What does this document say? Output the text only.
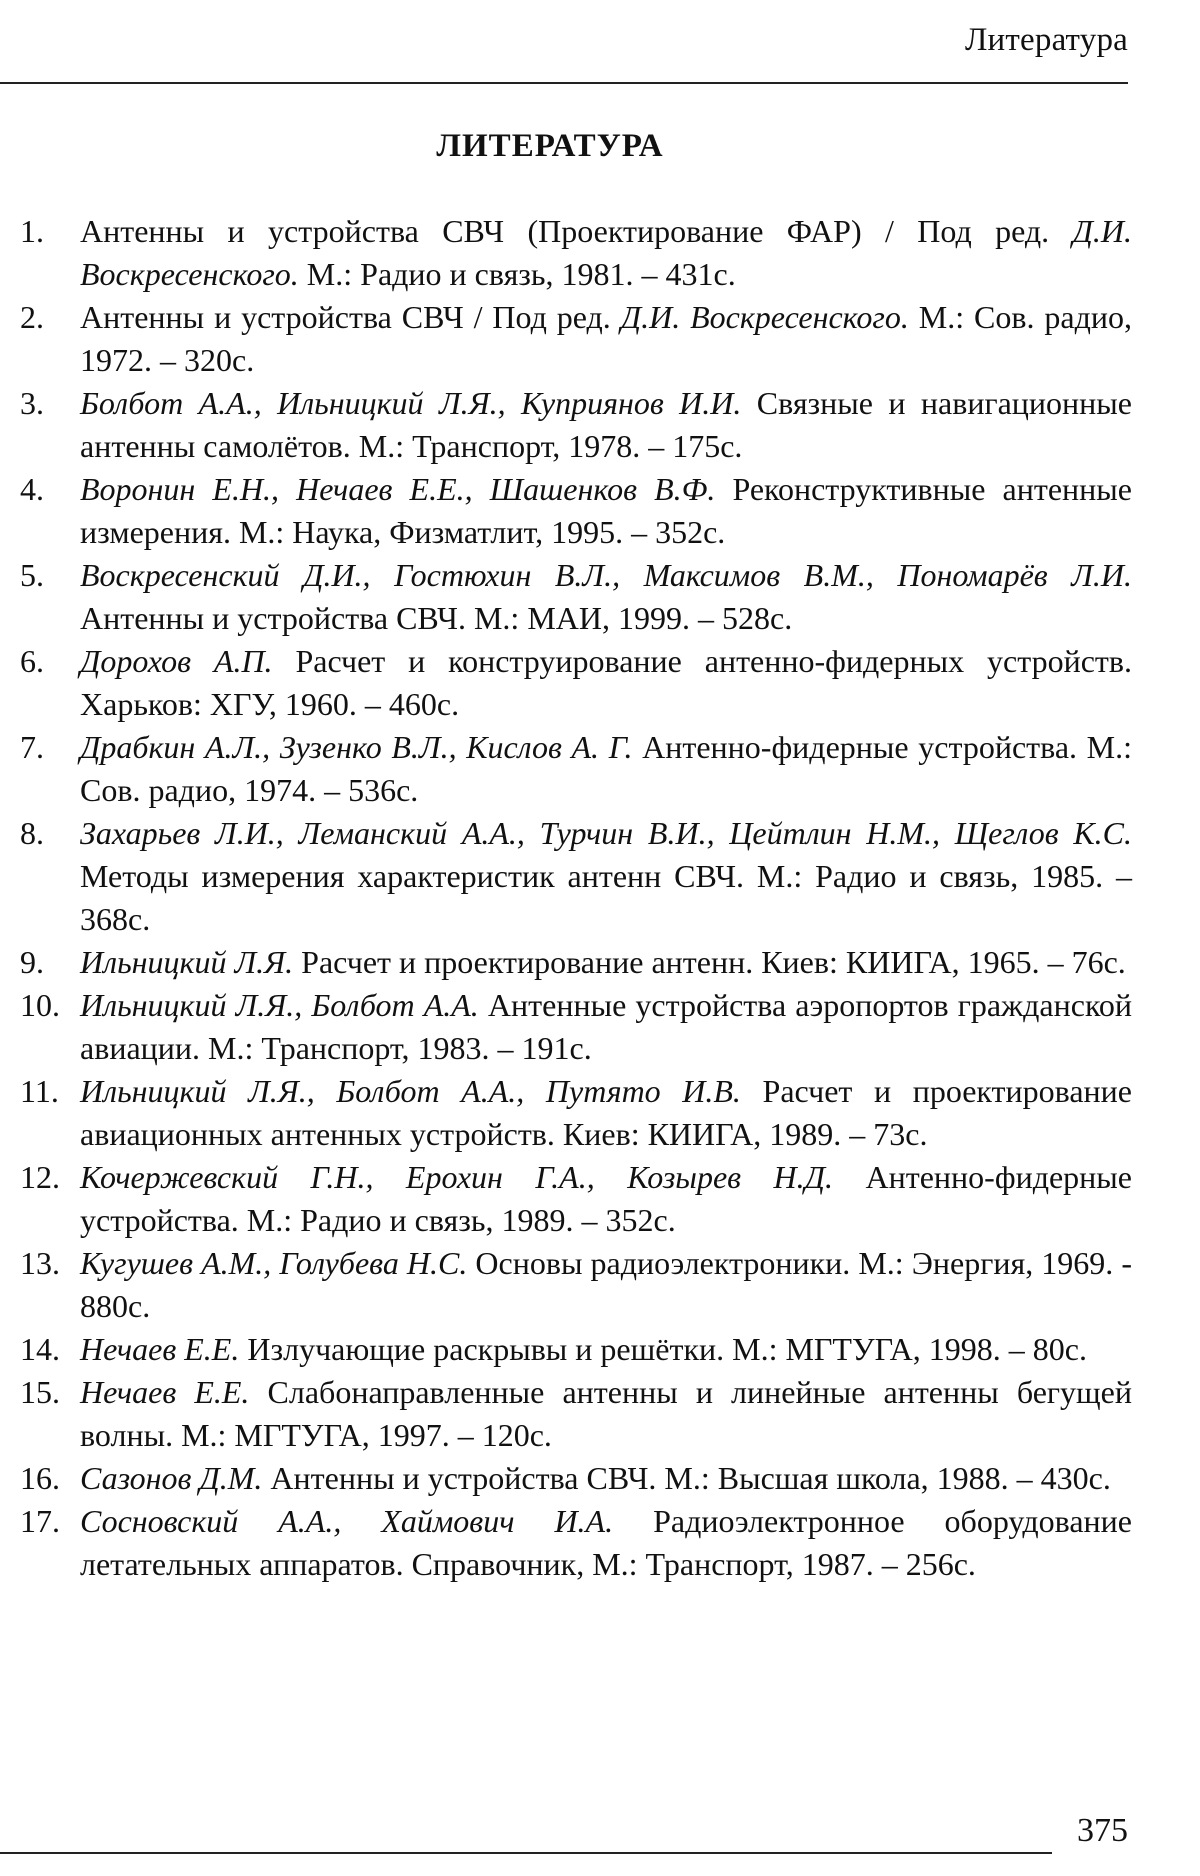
Литература
ЛИТЕРАТУРА
1.	Антенны и устройства СВЧ (Проектирование ФАР) / Под ред. Д.И. Воскресенского. М.: Радио и связь, 1981. – 431с.
2.	Антенны и устройства СВЧ / Под ред. Д.И. Воскресенского. М.: Сов. радио, 1972. – 320с.
3.	Болбот А.А., Ильницкий Л.Я., Куприянов И.И. Связные и навигационные антенны самолётов. М.: Транспорт, 1978. – 175с.
4.	Воронин Е.Н., Нечаев Е.Е., Шашенков В.Ф. Реконструктивные антенные измерения. М.: Наука, Физматлит, 1995. – 352с.
5.	Воскресенский Д.И., Гостюхин В.Л., Максимов В.М., Пономарёв Л.И. Антенны и устройства СВЧ. М.: МАИ, 1999. – 528с.
6.	Дорохов А.П. Расчет и конструирование антенно-фидерных устройств. Харьков: ХГУ, 1960. – 460с.
7.	Драбкин А.Л., Зузенко В.Л., Кислов А. Г. Антенно-фидерные устройства. М.: Сов. радио, 1974. – 536с.
8.	Захарьев Л.И., Леманский А.А., Турчин В.И., Цейтлин Н.М., Щеглов К.С. Методы измерения характеристик антенн СВЧ. М.: Радио и связь, 1985. – 368с.
9.	Ильницкий Л.Я. Расчет и проектирование антенн. Киев: КИИГА, 1965. – 76с.
10. Ильницкий Л.Я., Болбот А.А. Антенные устройства аэропортов гражданской авиации. М.: Транспорт, 1983. – 191с.
11. Ильницкий Л.Я., Болбот А.А., Путято И.В. Расчет и проектирование авиационных антенных устройств. Киев: КИИГА, 1989. – 73с.
12. Кочержевский Г.Н., Ерохин Г.А., Козырев Н.Д. Антенно-фидерные устройства. М.: Радио и связь, 1989. – 352с.
13. Кугушев А.М., Голубева Н.С. Основы радиоэлектроники. М.: Энергия, 1969. - 880с.
14. Нечаев Е.Е. Излучающие раскрывы и решётки. М.: МГТУГА, 1998. – 80с.
15. Нечаев Е.Е. Слабонаправленные антенны и линейные антенны бегущей волны. М.: МГТУГА, 1997. – 120с.
16. Сазонов Д.М. Антенны и устройства СВЧ. М.: Высшая школа, 1988. – 430с.
17. Сосновский А.А., Хаймович И.А. Радиоэлектронное оборудование летательных аппаратов. Справочник, М.: Транспорт, 1987. – 256с.
375
